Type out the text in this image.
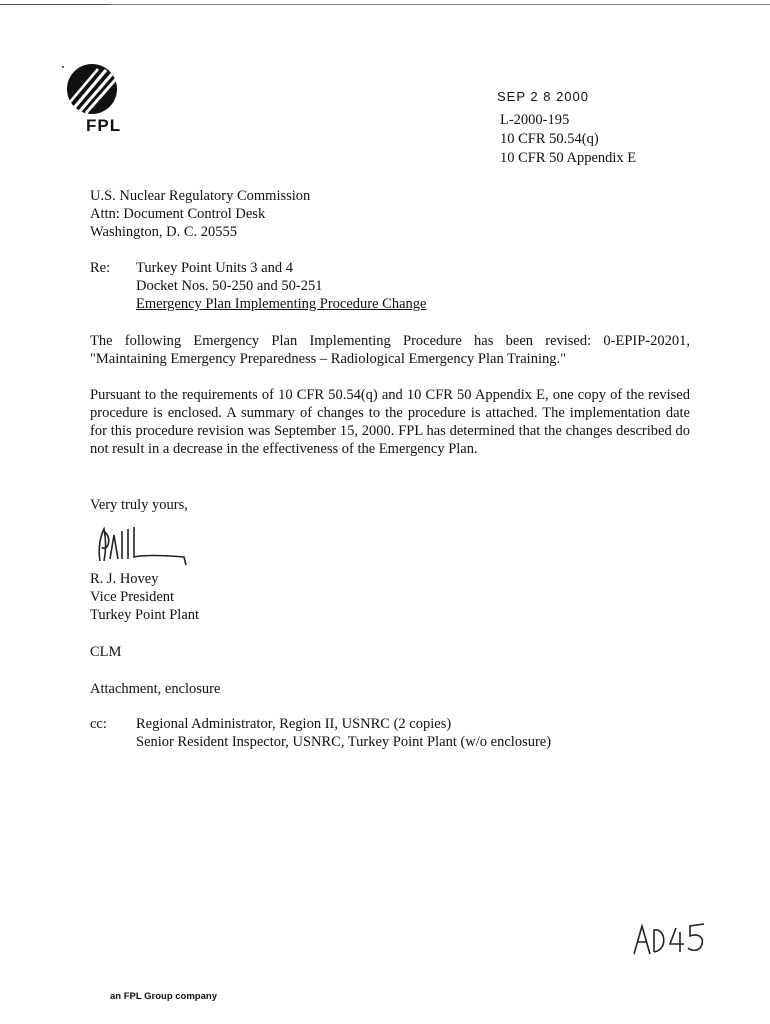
FPL
SEP 2 8 2000
L-2000-195
10 CFR 50.54(q)
10 CFR 50 Appendix E
U.S. Nuclear Regulatory Commission
Attn: Document Control Desk
Washington, D. C. 20555
Re: Turkey Point Units 3 and 4
Docket Nos. 50-250 and 50-251
Emergency Plan Implementing Procedure Change
The following Emergency Plan Implementing Procedure has been revised: 0-EPIP-20201, "Maintaining Emergency Preparedness – Radiological Emergency Plan Training."
Pursuant to the requirements of 10 CFR 50.54(q) and 10 CFR 50 Appendix E, one copy of the revised procedure is enclosed. A summary of changes to the procedure is attached. The implementation date for this procedure revision was September 15, 2000. FPL has determined that the changes described do not result in a decrease in the effectiveness of the Emergency Plan.
Very truly yours,
R. J. Hovey
Vice President
Turkey Point Plant
CLM
Attachment, enclosure
cc: Regional Administrator, Region II, USNRC (2 copies)
Senior Resident Inspector, USNRC, Turkey Point Plant (w/o enclosure)
an FPL Group company
